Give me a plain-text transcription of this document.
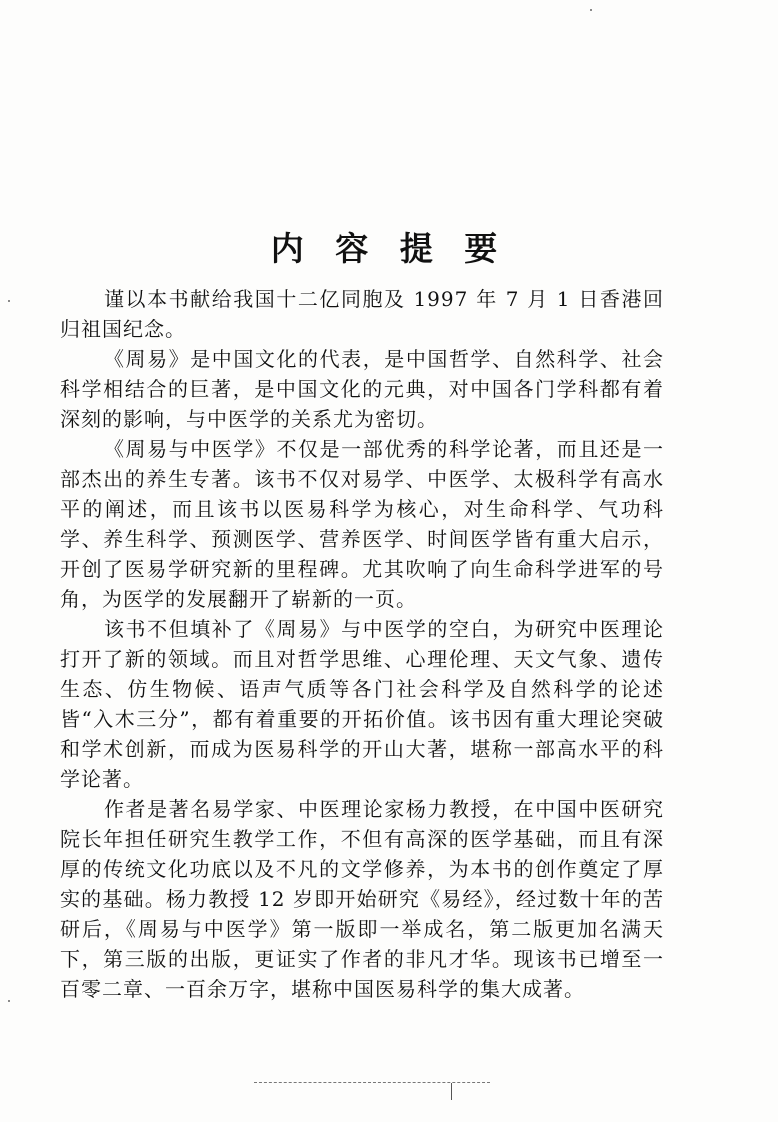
内 容 提 要

谨以本书献给我国十二亿同胞及 1997 年 7 月 1 日香港回归祖国纪念。

《周易》是中国文化的代表，是中国哲学、自然科学、社会科学相结合的巨著，是中国文化的元典，对中国各门学科都有着深刻的影响，与中医学的关系尤为密切。

《周易与中医学》不仅是一部优秀的科学论著，而且还是一部杰出的养生专著。该书不仅对易学、中医学、太极科学有高水平的阐述，而且该书以医易科学为核心，对生命科学、气功科学、养生科学、预测医学、营养医学、时间医学皆有重大启示，开创了医易学研究新的里程碑。尤其吹响了向生命科学进军的号角，为医学的发展翻开了崭新的一页。

该书不但填补了《周易》与中医学的空白，为研究中医理论打开了新的领域。而且对哲学思维、心理伦理、天文气象、遗传生态、仿生物候、语声气质等各门社会科学及自然科学的论述皆“入木三分”，都有着重要的开拓价值。该书因有重大理论突破和学术创新，而成为医易科学的开山大著，堪称一部高水平的科学论著。

作者是著名易学家、中医理论家杨力教授，在中国中医研究院长年担任研究生教学工作，不但有高深的医学基础，而且有深厚的传统文化功底以及不凡的文学修养，为本书的创作奠定了厚实的基础。杨力教授 12 岁即开始研究《易经》，经过数十年的苦研后，《周易与中医学》第一版即一举成名，第二版更加名满天下，第三版的出版，更证实了作者的非凡才华。现该书已增至一百零二章、一百余万字，堪称中国医易科学的集大成著。
